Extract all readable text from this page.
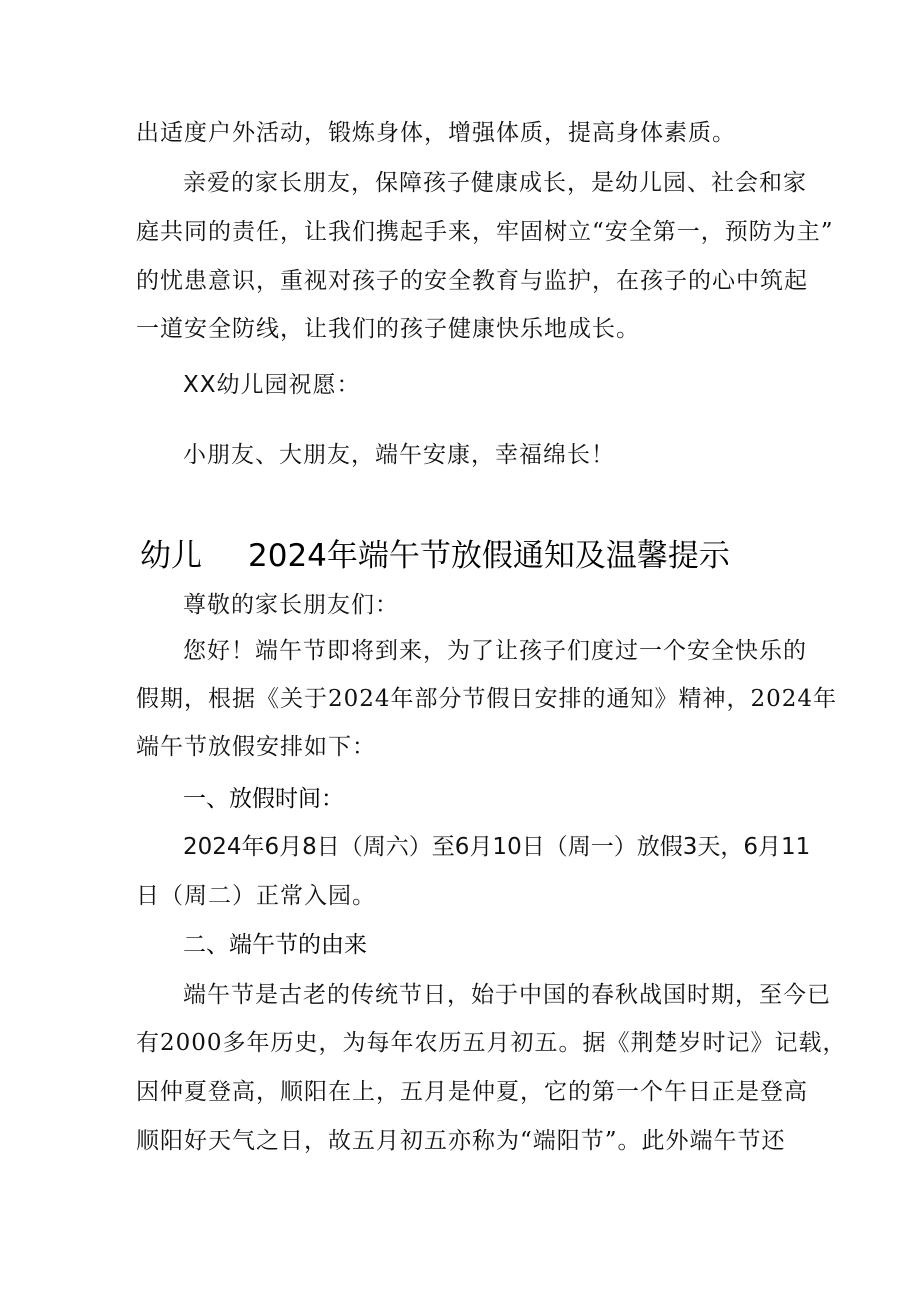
出适度户外活动，锻炼身体，增强体质，提高身体素质。
亲爱的家长朋友，保障孩子健康成长，是幼儿园、社会和家
庭共同的责任，让我们携起手来，牢固树立“安全第一，预防为主”
的忧患意识，重视对孩子的安全教育与监护，在孩子的心中筑起
一道安全防线，让我们的孩子健康快乐地成长。
XX幼儿园祝愿：
小朋友、大朋友，端午安康，幸福绵长！
幼儿 2024年端午节放假通知及温馨提示
尊敬的家长朋友们：
您好！端午节即将到来，为了让孩子们度过一个安全快乐的
假期，根据《关于2024年部分节假日安排的通知》精神，2024年
端午节放假安排如下：
一、放假时间：
2024年6月8日（周六）至6月10日（周一）放假3天，6月11
日（周二）正常入园。
二、端午节的由来
端午节是古老的传统节日，始于中国的春秋战国时期，至今已
有2000多年历史，为每年农历五月初五。据《荆楚岁时记》记载，
因仲夏登高，顺阳在上，五月是仲夏，它的第一个午日正是登高
顺阳好天气之日，故五月初五亦称为“端阳节”。此外端午节还
